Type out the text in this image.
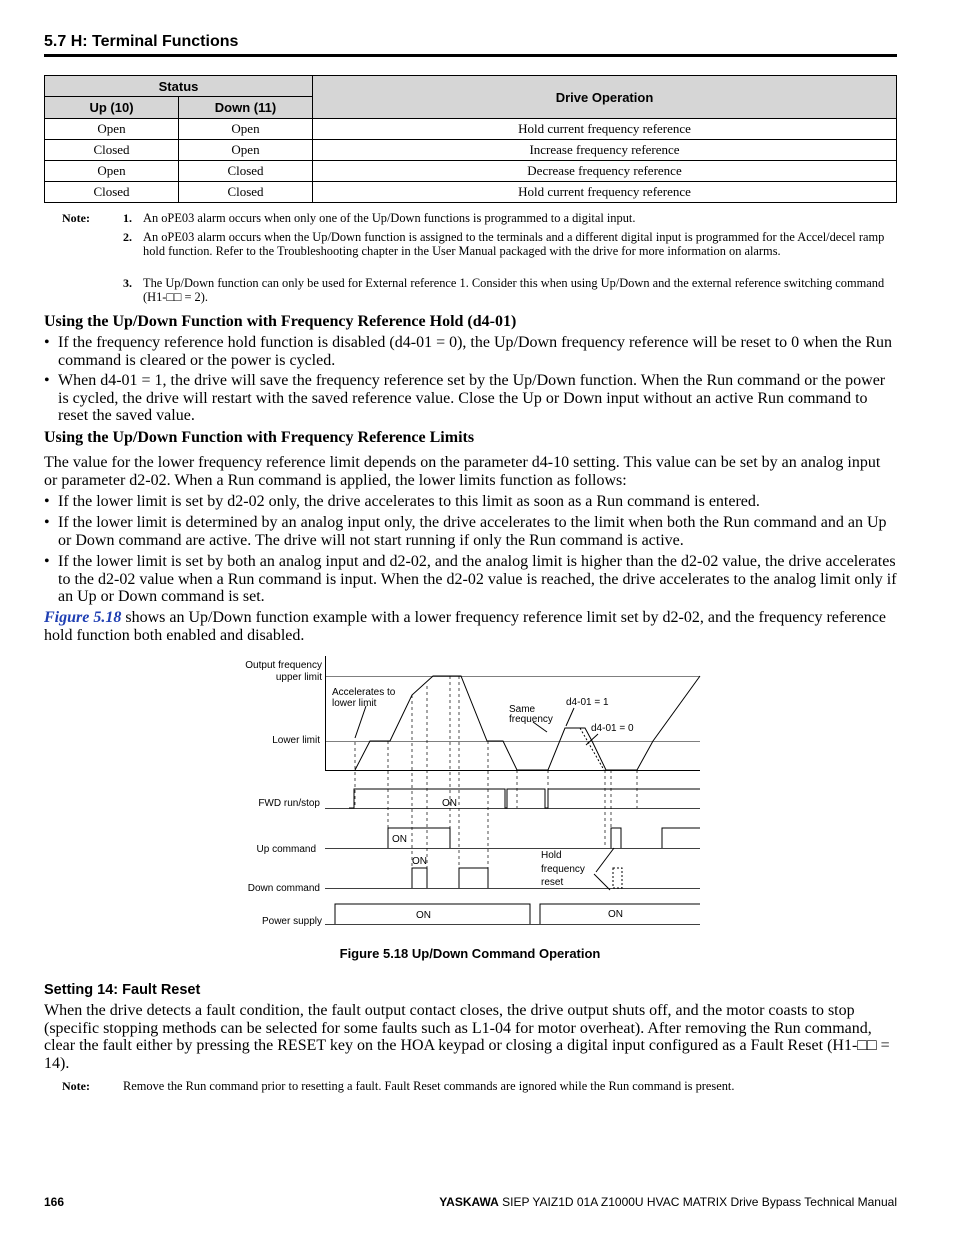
5.7 H: Terminal Functions
Status		Drive Operation
Up (10)	Down (11)	
Open	Open	Hold current frequency reference
Closed	Open	Increase frequency reference
Open	Closed	Decrease frequency reference
Closed	Closed	Hold current frequency reference
Note:	1. An oPE03 alarm occurs when only one of the Up/Down functions is programmed to a digital input.
2. An oPE03 alarm occurs when the Up/Down function is assigned to the terminals and a different digital input is programmed for the Accel/decel ramp hold function. Refer to the Troubleshooting chapter in the User Manual packaged with the drive for more information on alarms.
3. The Up/Down function can only be used for External reference 1. Consider this when using Up/Down and the external reference switching command (H1-□□ = 2).
Using the Up/Down Function with Frequency Reference Hold (d4-01)
• If the frequency reference hold function is disabled (d4-01 = 0), the Up/Down frequency reference will be reset to 0 when the Run command is cleared or the power is cycled.
• When d4-01 = 1, the drive will save the frequency reference set by the Up/Down function. When the Run command or the power is cycled, the drive will restart with the saved reference value. Close the Up or Down input without an active Run command to reset the saved value.
Using the Up/Down Function with Frequency Reference Limits
The value for the lower frequency reference limit depends on the parameter d4-10 setting. This value can be set by an analog input or parameter d2-02. When a Run command is applied, the lower limits function as follows:
• If the lower limit is set by d2-02 only, the drive accelerates to this limit as soon as a Run command is entered.
• If the lower limit is determined by an analog input only, the drive accelerates to the limit when both the Run command and an Up or Down command are active. The drive will not start running if only the Run command is active.
• If the lower limit is set by both an analog input and d2-02, and the analog limit is higher than the d2-02 value, the drive accelerates to the d2-02 value when a Run command is input. When the d2-02 value is reached, the drive accelerates to the analog limit only if an Up or Down command is set.
Figure 5.18 shows an Up/Down function example with a lower frequency reference limit set by d2-02, and the frequency reference hold function both enabled and disabled.
Output frequency
upper limit
Lower limit
FWD run/stop
Up command
Down command
Power supply
Accelerates to
lower limit
Same
frequency
d4-01 = 1
d4-01 = 0
Hold
frequency
reset
ON
ON
ON
ON	ON
Figure 5.18 Up/Down Command Operation
Setting 14: Fault Reset
When the drive detects a fault condition, the fault output contact closes, the drive output shuts off, and the motor coasts to stop (specific stopping methods can be selected for some faults such as L1-04 for motor overheat). After removing the Run command, clear the fault either by pressing the RESET key on the HOA keypad or closing a digital input configured as a Fault Reset (H1-□□ = 14).
Note:	Remove the Run command prior to resetting a fault. Fault Reset commands are ignored while the Run command is present.
166	YASKAWA SIEP YAIZ1D 01A Z1000U HVAC MATRIX Drive Bypass Technical Manual
